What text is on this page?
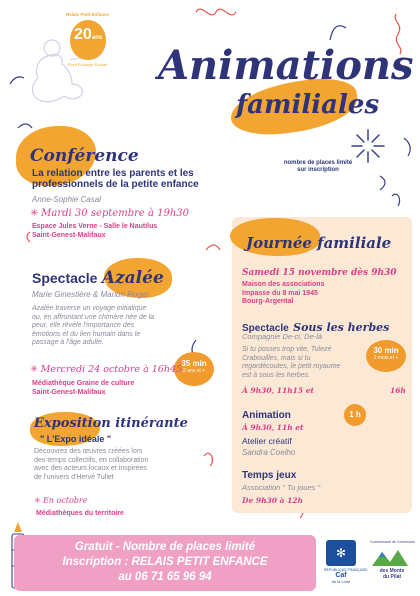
Relais Petit Enfance
20ans
Éveil Échange Écoute Animations
familiales
nombre de places limité
sur inscription
Conférence
La relation entre les parents et les
professionnels de la petite enfance
Anne-Sophie Casal
✳ Mardi 30 septembre à 19h30
Espace Jules Verne - Salle le Nautilus
Saint-Genest-Malifaux
Spectacle Azalée
Marie Ginestière & Marion Roger
Azalée traverse un voyage initiatique
ou, en affrontant une chimère née de la
peur, elle révèle l'importance des
émotions et du lien humain dans le
passage à l'âge adulte.
35 min
2 ans et +
✳ Mercredi 24 octobre à 16h45
Médiathèque Graine de culture
Saint-Genest-Malifaux
Exposition itinérante
" L'Expo idéale "
Découvrez des œuvres créées lors
des temps collectifs, en collaboration
avec des acteurs locaux et inspirées
de l'univers d'Hervé Tullet
✳ En octobre
Médiathèques du territoire
Journée familiale
Samedi 15 novembre dès 9h30
Maison des associations
Impasse du 8 mai 1945
Bourg-Argental
Spectacle Sous les herbes
Compagnie De-ci, De-là
Si tu posses trop vite, Tulezé
Crabouilles, mais si tu
regardécoutes, le petit royaume
est à sous les herbes.
30 min
3 mois et +
À 9h30, 11h15 et	16h
Animation	1 h
À 9h30, 11h et
Atelier créatif
Sandra Coelho
Temps jeux
Association " Tu joues "
De 9h30 à 12h
Gratuit - Nombre de places limité
Inscription : RELAIS PETIT ENFANCE
au 06 71 65 96 94
✻
RÉPUBLIQUE FRANÇAISE
Caf
de la Loire
Communauté de Communes
des Monts
du Pilat
